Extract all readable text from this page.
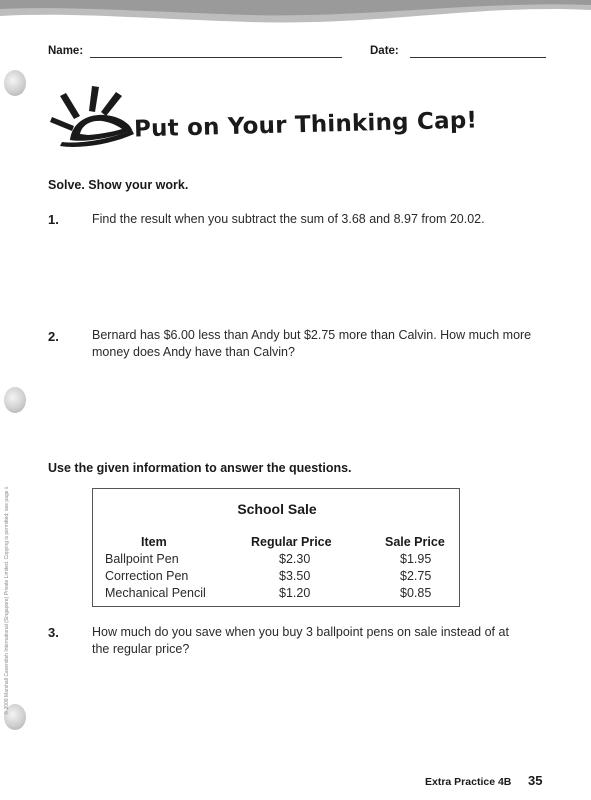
Name:	Date:
Put on Your Thinking Cap!
Solve. Show your work.
1.	Find the result when you subtract the sum of 3.68 and 8.97 from 20.02.
2.	Bernard has $6.00 less than Andy but $2.75 more than Calvin. How much more money does Andy have than Calvin?
Use the given information to answer the questions.
School Sale
Item	Regular Price	Sale Price
Ballpoint Pen	$2.30	$1.95
Correction Pen	$3.50	$2.75
Mechanical Pencil	$1.20	$0.85
3.	How much do you save when you buy 3 ballpoint pens on sale instead of at the regular price?
© 2009 Marshall Cavendish International (Singapore) Private Limited. Copying is permitted; see page ii.
Extra Practice 4B 35
